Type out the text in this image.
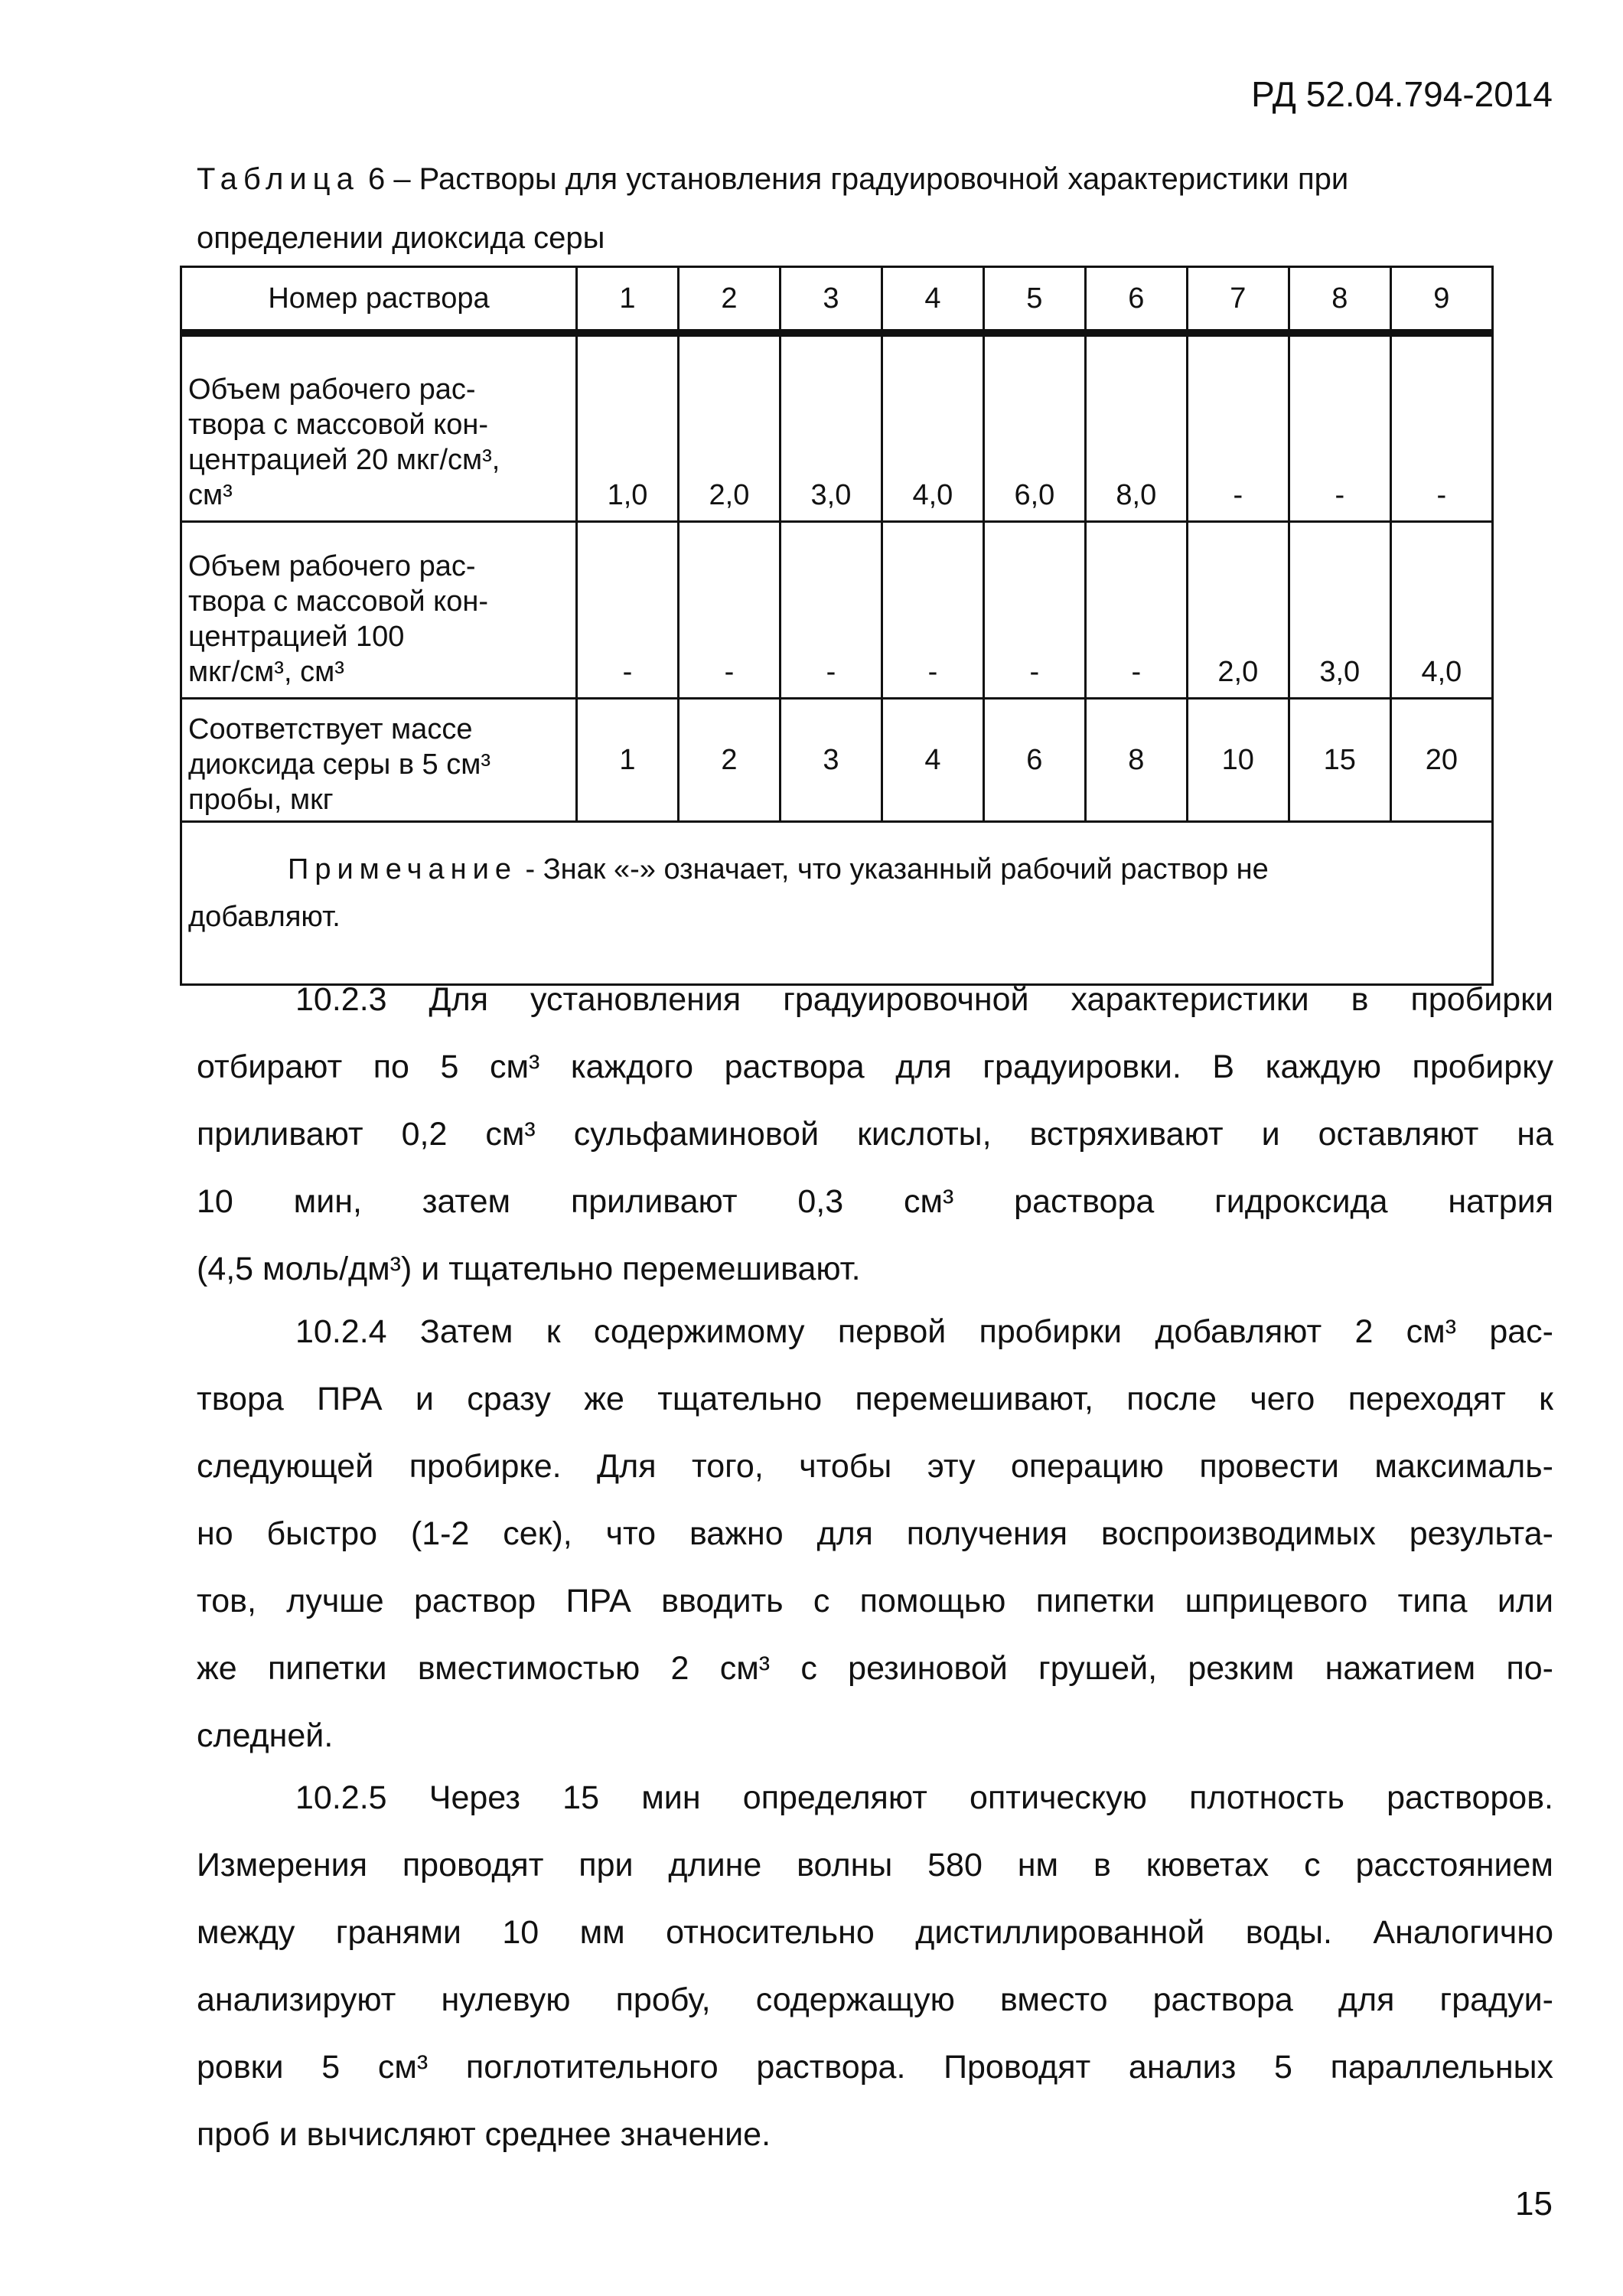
РД 52.04.794-2014
Таблица 6 – Растворы для установления градуировочной характеристики при
определении диоксида серы
Номер раствора	1	2	3	4	5	6	7	8	9
Объем рабочего рас-
твора с массовой кон-
центрацией 20 мкг/см³,
см³	1,0	2,0	3,0	4,0	6,0	8,0	-	-	-
Объем рабочего рас-
твора с массовой кон-
центрацией 100
мкг/см³, см³	-	-	-	-	-	-	2,0	3,0	4,0
Соответствует массе
диоксида серы в 5 см³
пробы, мкг	1	2	3	4	6	8	10	15	20

Примечание - Знак «-» означает, что указанный рабочий раствор не
добавляют.									
10.2.3 Для установления градуировочной характеристики в пробирки
отбирают по 5 см³ каждого раствора для градуировки. В каждую пробирку
приливают 0,2 см³ сульфаминовой кислоты, встряхивают и оставляют на
10 мин, затем приливают 0,3 см³ раствора гидроксида натрия
(4,5 моль/дм³) и тщательно перемешивают.
10.2.4 Затем к содержимому первой пробирки добавляют 2 см³ рас-
твора ПРА и сразу же тщательно перемешивают, после чего переходят к
следующей пробирке. Для того, чтобы эту операцию провести максималь-
но быстро (1-2 сек), что важно для получения воспроизводимых результа-
тов, лучше раствор ПРА вводить с помощью пипетки шприцевого типа или
же пипетки вместимостью 2 см³ с резиновой грушей, резким нажатием по-
следней.
10.2.5 Через 15 мин определяют оптическую плотность растворов.
Измерения проводят при длине волны 580 нм в кюветах с расстоянием
между гранями 10 мм относительно дистиллированной воды. Аналогично
анализируют нулевую пробу, содержащую вместо раствора для градуи-
ровки 5 см³ поглотительного раствора. Проводят анализ 5 параллельных
проб и вычисляют среднее значение.
15
